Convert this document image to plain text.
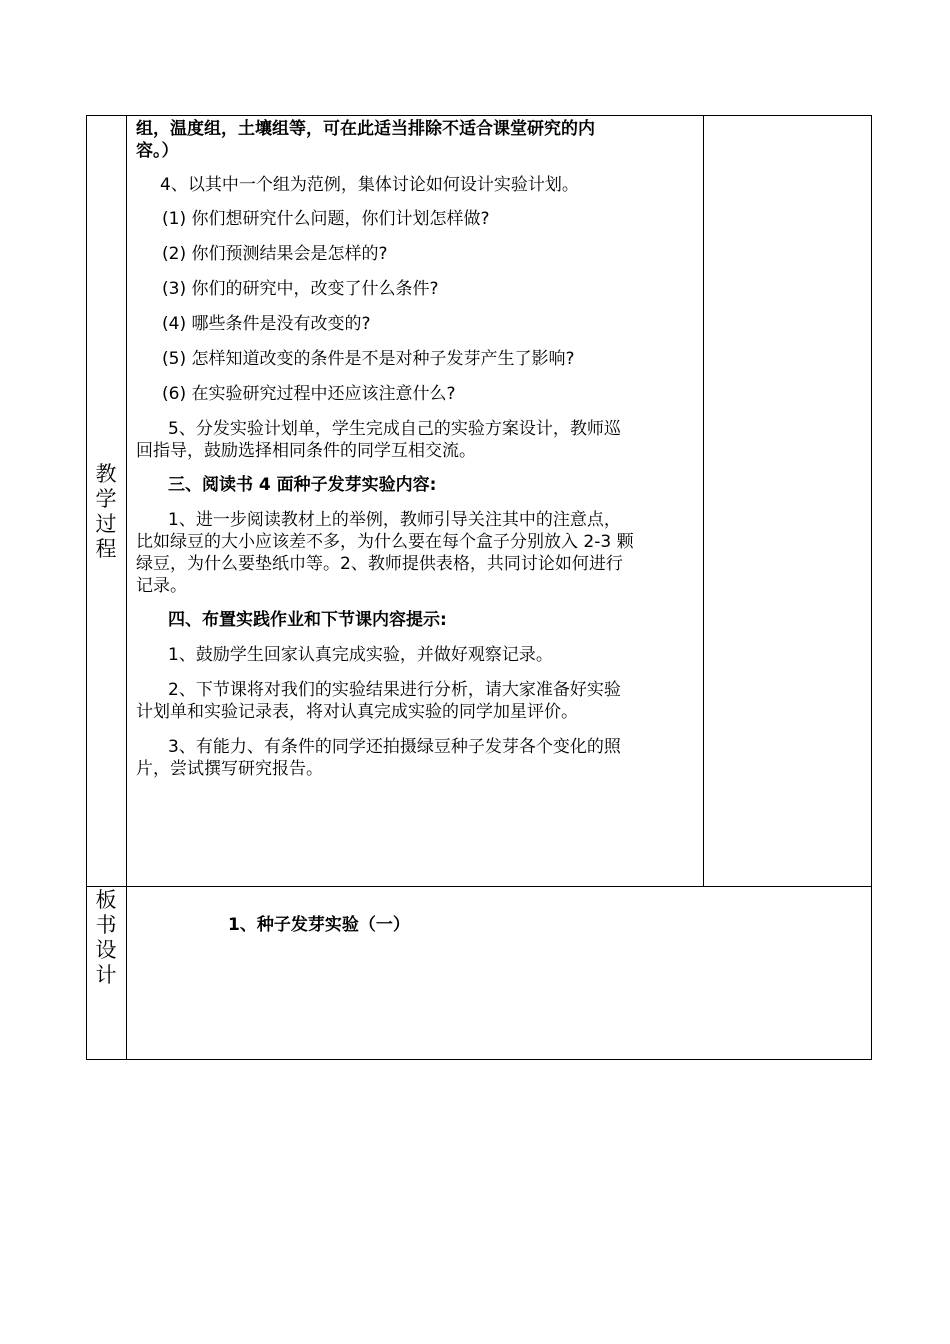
教
学
过
程
板
书
设
计
组，温度组，土壤组等，可在此适当排除不适合课堂研究的内
容。）
4、以其中一个组为范例，集体讨论如何设计实验计划。
(1) 你们想研究什么问题，你们计划怎样做?
(2) 你们预测结果会是怎样的?
(3) 你们的研究中，改变了什么条件?
(4) 哪些条件是没有改变的?
(5) 怎样知道改变的条件是不是对种子发芽产生了影响?
(6) 在实验研究过程中还应该注意什么?
5、分发实验计划单，学生完成自己的实验方案设计，教师巡
回指导，鼓励选择相同条件的同学互相交流。
三、阅读书 4 面种子发芽实验内容:
1、进一步阅读教材上的举例，教师引导关注其中的注意点，
比如绿豆的大小应该差不多，为什么要在每个盒子分别放入 2-3 颗
绿豆，为什么要垫纸巾等。2、教师提供表格，共同讨论如何进行
记录。
四、布置实践作业和下节课内容提示:
1、鼓励学生回家认真完成实验，并做好观察记录。
2、下节课将对我们的实验结果进行分析，请大家准备好实验
计划单和实验记录表，将对认真完成实验的同学加星评价。
3、有能力、有条件的同学还拍摄绿豆种子发芽各个变化的照
片，尝试撰写研究报告。
1、种子发芽实验（一）
